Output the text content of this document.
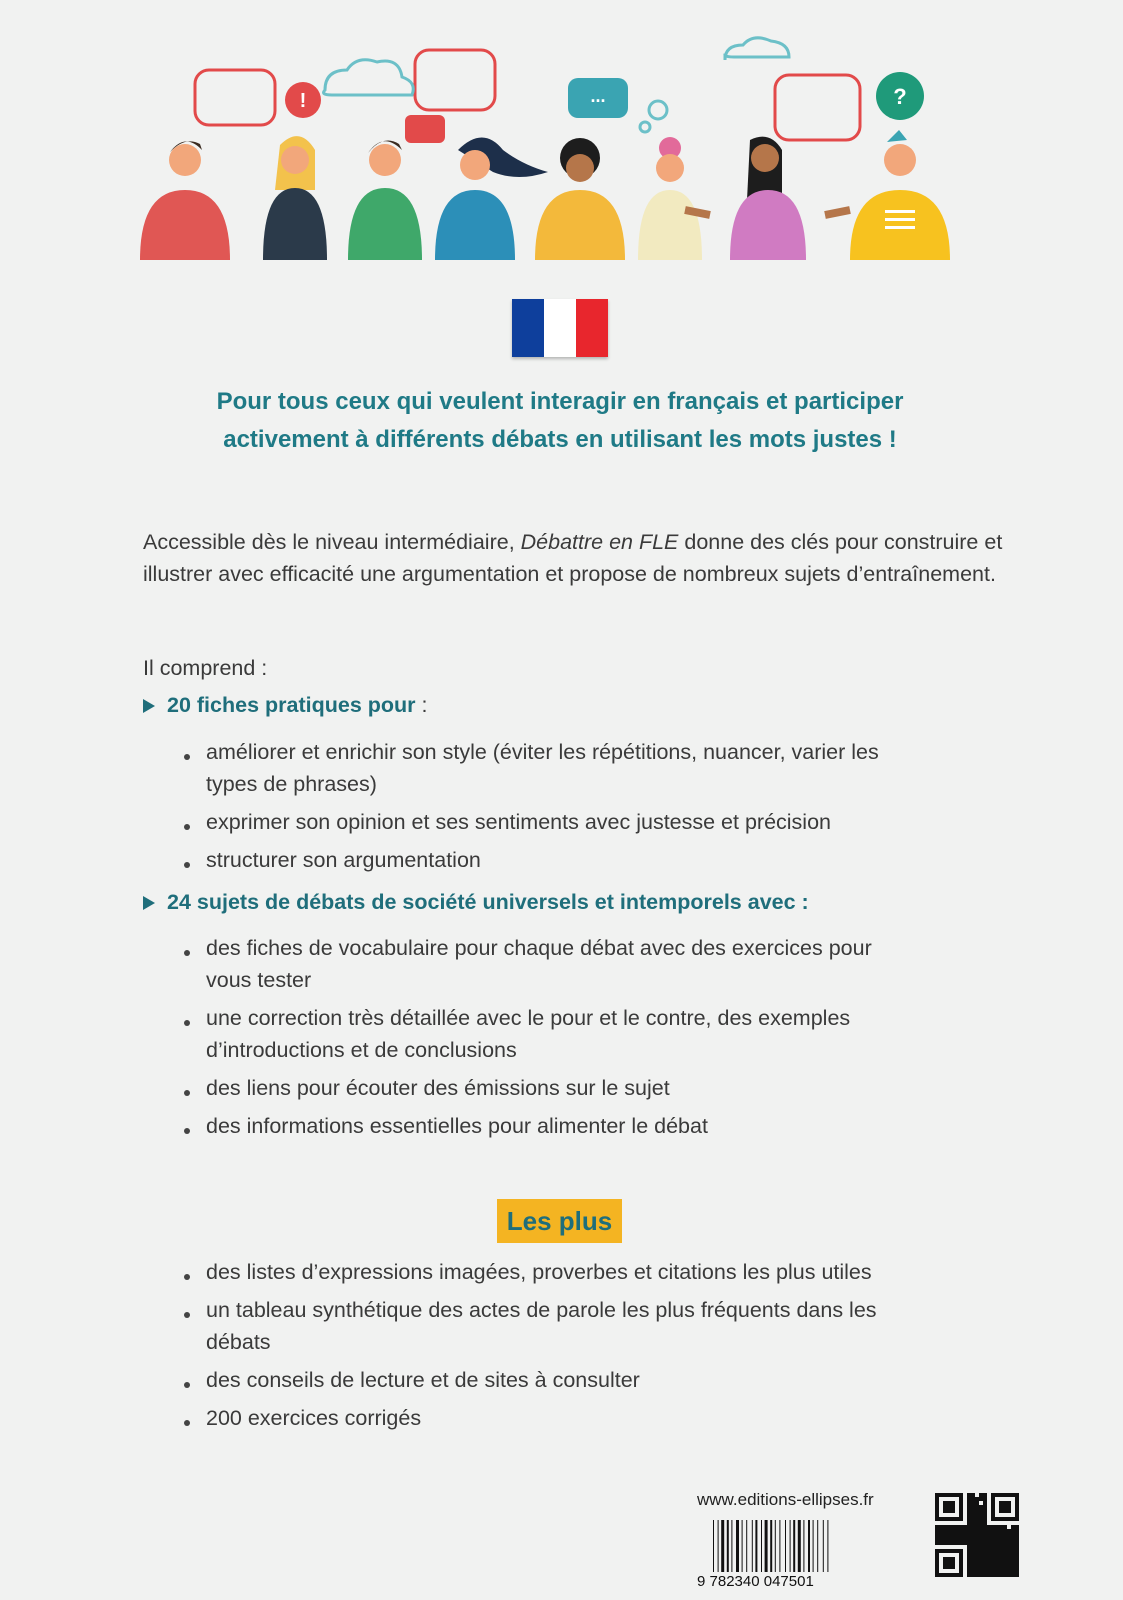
!	...	?
Pour tous ceux qui veulent interagir en français et participer
activement à différents débats en utilisant les mots justes !

Accessible dès le niveau intermédiaire, Débattre en FLE donne des clés pour construire et illustrer avec efficacité une argumentation et propose de nombreux sujets d’entraînement.

Il comprend :
20 fiches pratiques pour :
améliorer et enrichir son style (éviter les répétitions, nuancer, varier les types de phrases)
exprimer son opinion et ses sentiments avec justesse et précision
structurer son argumentation
24 sujets de débats de société universels et intemporels avec :
des fiches de vocabulaire pour chaque débat avec des exercices pour vous tester
une correction très détaillée avec le pour et le contre, des exemples d’introductions et de conclusions
des liens pour écouter des émissions sur le sujet
des informations essentielles pour alimenter le débat
Les plus
des listes d’expressions imagées, proverbes et citations les plus utiles
un tableau synthétique des actes de parole les plus fréquents dans les débats
des conseils de lecture et de sites à consulter
200 exercices corrigés
www.editions-ellipses.fr
9 782340 047501
